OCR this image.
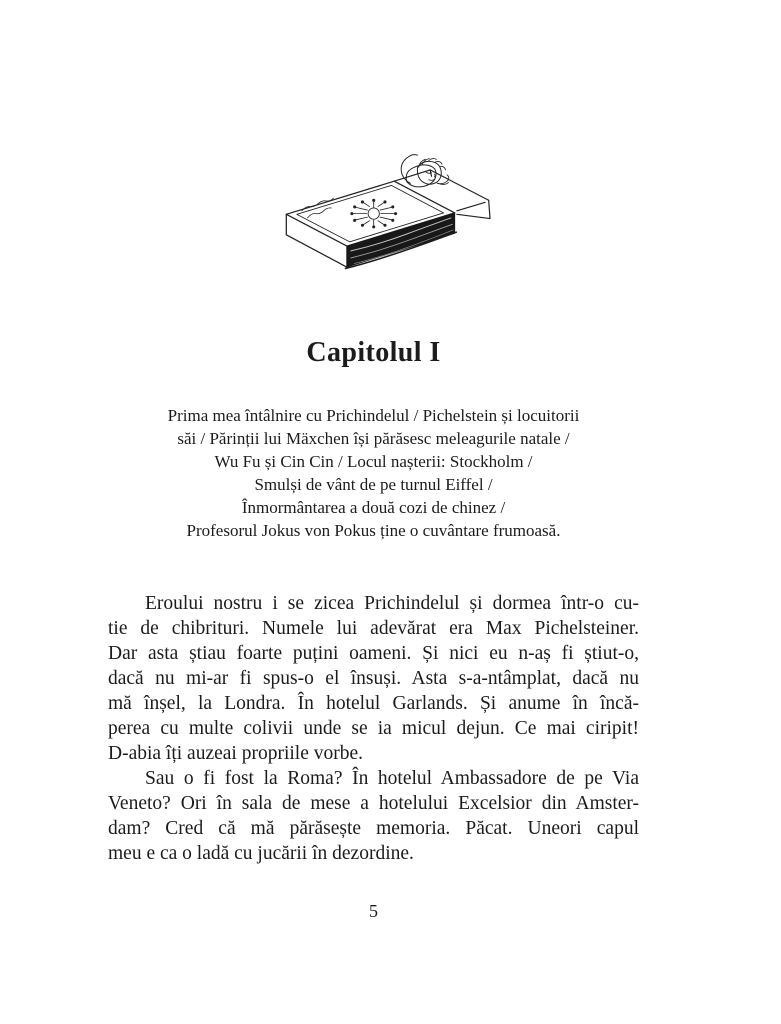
Capitolul I
Prima mea întâlnire cu Prichindelul / Pichelstein și locuitorii
săi / Părinții lui Mäxchen își părăsesc meleagurile natale /
Wu Fu și Cin Cin / Locul nașterii: Stockholm /
Smulși de vânt de pe turnul Eiffel /
Înmormântarea a două cozi de chinez /
Profesorul Jokus von Pokus ține o cuvântare frumoasă.
Eroului nostru i se zicea Prichindelul și dormea într-o cu-
tie de chibrituri. Numele lui adevărat era Max Pichelsteiner.
Dar asta știau foarte puțini oameni. Și nici eu n-aș fi știut-o,
dacă nu mi-ar fi spus-o el însuși. Asta s-a-ntâmplat, dacă nu
mă înșel, la Londra. În hotelul Garlands. Și anume în încă-
perea cu multe colivii unde se ia micul dejun. Ce mai ciripit!
D-abia îți auzeai propriile vorbe.
Sau o fi fost la Roma? În hotelul Ambassadore de pe Via
Veneto? Ori în sala de mese a hotelului Excelsior din Amster-
dam? Cred că mă părăsește memoria. Păcat. Uneori capul
meu e ca o ladă cu jucării în dezordine.
5
